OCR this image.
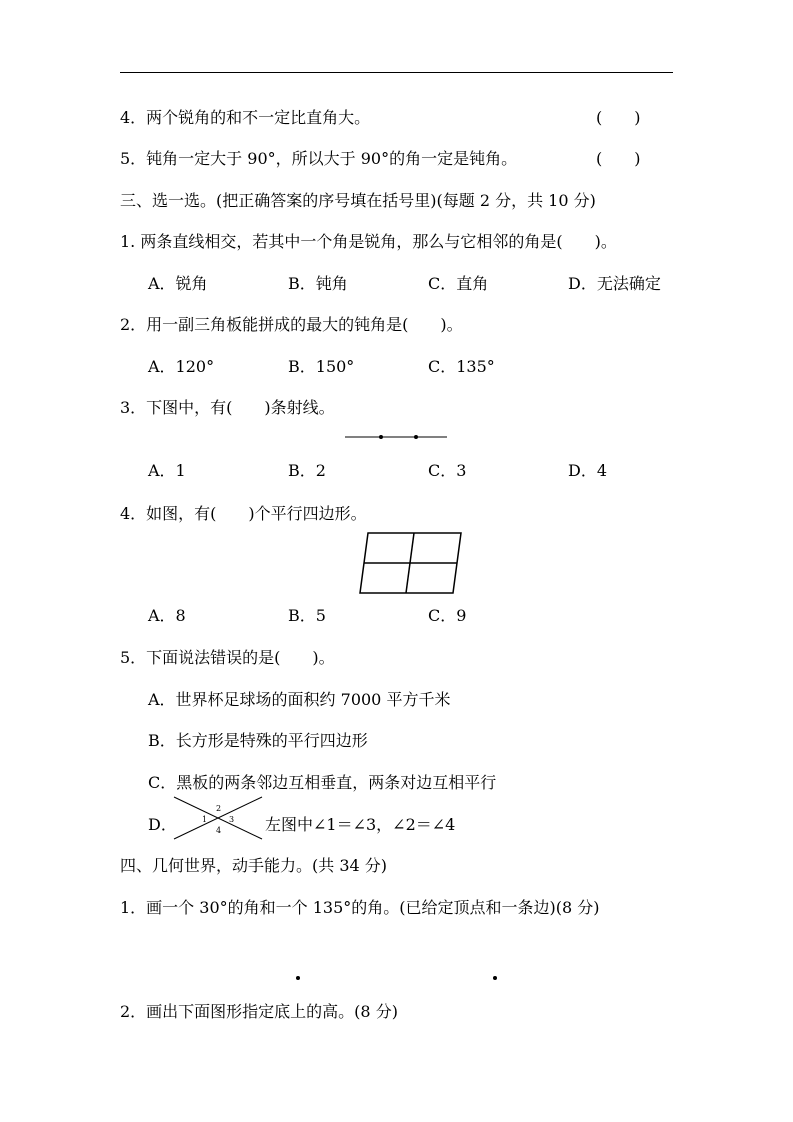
4．两个锐角的和不一定比直角大。	(　　)
5．钝角一定大于 90°，所以大于 90°的角一定是钝角。	(　　)
三、选一选。(把正确答案的序号填在括号里)(每题 2 分，共 10 分)
1. 两条直线相交，若其中一个角是锐角，那么与它相邻的角是(　　)。
A．锐角	B．钝角	C．直角	D．无法确定
2．用一副三角板能拼成的最大的钝角是(　　)。
A．120°	B．150°	C．135°
3．下图中，有(　　)条射线。
A．1	B．2	C．3	D．4
4．如图，有(　　)个平行四边形。
A．8	B．5	C．9
5．下面说法错误的是(　　)。
A．世界杯足球场的面积约 7000 平方千米
B．长方形是特殊的平行四边形
C．黑板的两条邻边互相垂直，两条对边互相平行
D．	1
2
3
4	左图中∠1＝∠3，∠2＝∠4
四、几何世界，动手能力。(共 34 分)
1．画一个 30°的角和一个 135°的角。(已给定顶点和一条边)(8 分)
2．画出下面图形指定底上的高。(8 分)
